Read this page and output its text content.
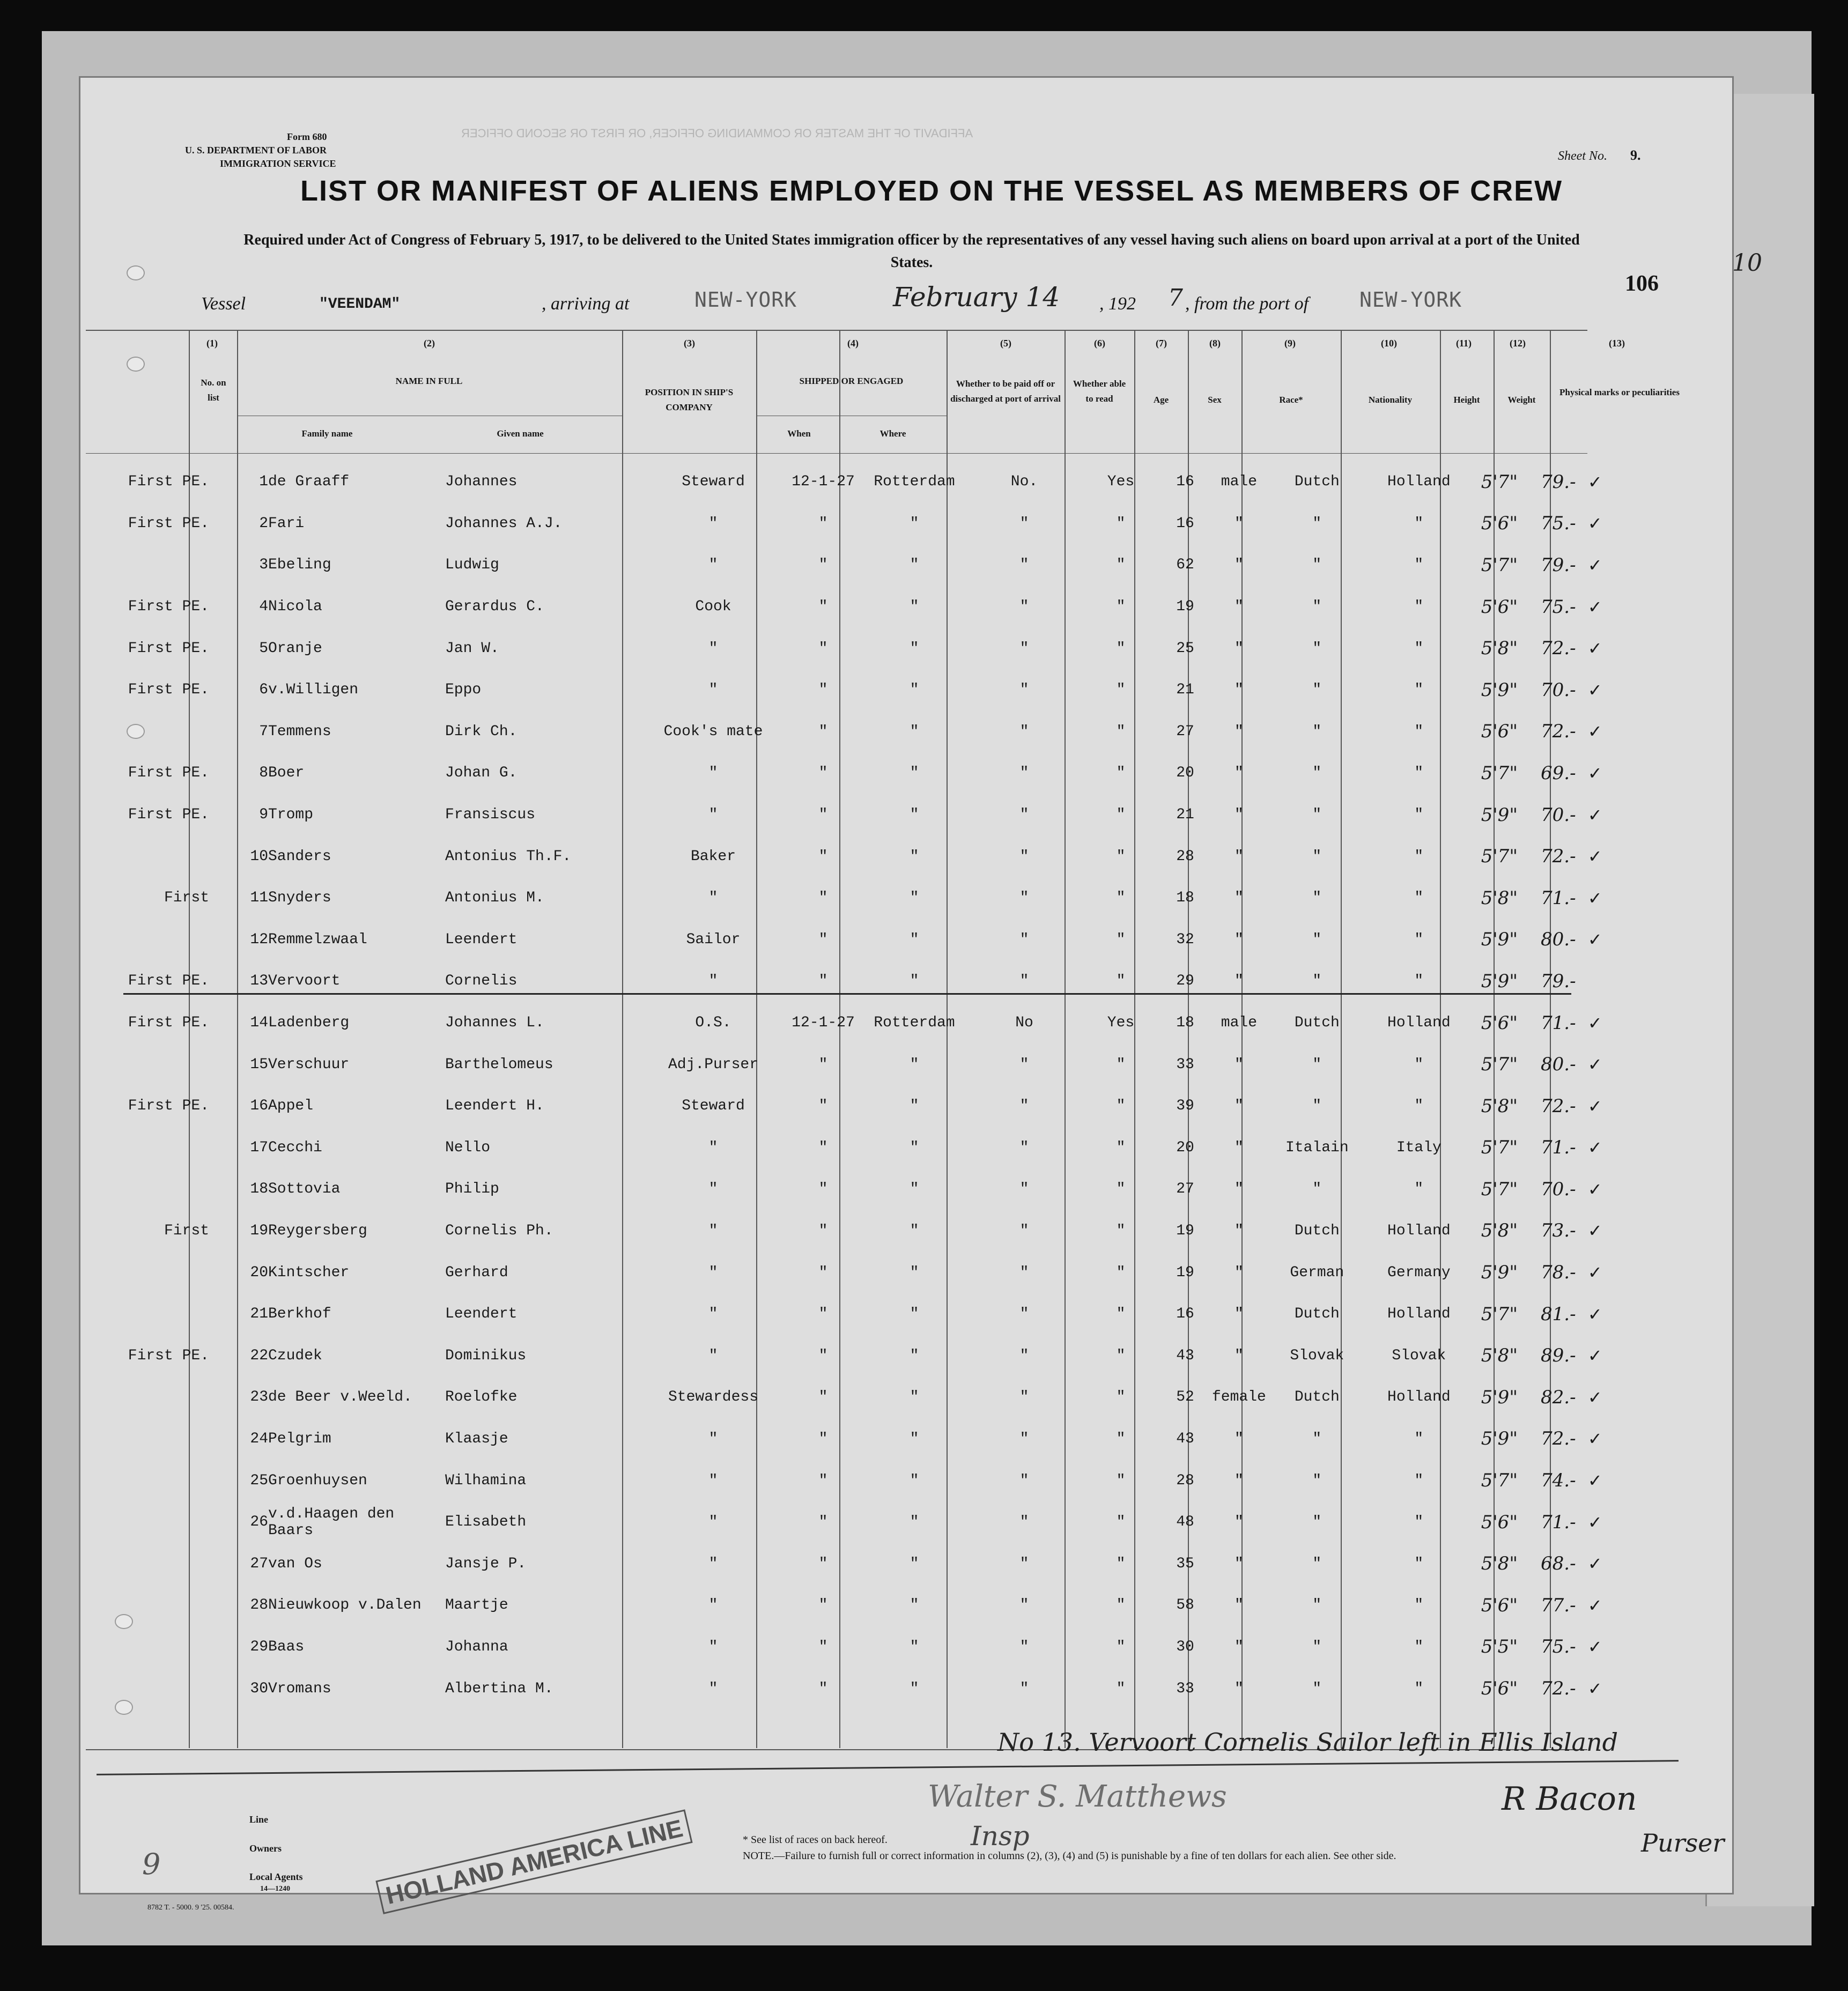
Form 680
U. S. DEPARTMENT OF LABOR
IMMIGRATION SERVICE
AFFIDAVIT OF THE MASTER OR COMMANDING OFFICER, OR FIRST OR SECOND OFFICER
Sheet No. 9.
LIST OR MANIFEST OF ALIENS EMPLOYED ON THE VESSEL AS MEMBERS OF CREW
Required under Act of Congress of February 5, 1917, to be delivered to the United States immigration officer by the representatives of any vessel having such aliens on board upon arrival at a port of the United States.
106
10
Vessel	"VEENDAM"	, arriving at	NEW-YORK	February 14 , 192 7 , from the port of NEW-YORK
(1)	(2)	(3)	(4)	(5)	(6)	(7)	(8)	(9)	(10)	(11)	(12)	(13)
No. on list
NAME IN FULL
Family name	Given name
POSITION IN SHIP'S COMPANY
SHIPPED OR ENGAGED
When	Where
Whether to be paid off or discharged at port of arrival
Whether able to read	Age	Sex	Race*	Nationality	Height	Weight
Physical marks or peculiarities
First PE.	1	de Graaff	Johannes	Steward	12-1-27	Rotterdam	No.	Yes	16	male	Dutch	Holland	5'7"	79.-	✓
First PE.	2	Fari	Johannes A.J.	"	"	"	"	"	16	"	"	"	5'6"	75.-	✓
	3	Ebeling	Ludwig	"	"	"	"	"	62	"	"	"	5'7"	79.-	✓
First PE.	4	Nicola	Gerardus C.	Cook	"	"	"	"	19	"	"	"	5'6"	75.-	✓
First PE.	5	Oranje	Jan W.	"	"	"	"	"	25	"	"	"	5'8"	72.-	✓
First PE.	6	v.Willigen	Eppo	"	"	"	"	"	21	"	"	"	5'9"	70.-	✓
	7	Temmens	Dirk Ch.	Cook's mate	"	"	"	"	27	"	"	"	5'6"	72.-	✓
First PE.	8	Boer	Johan G.	"	"	"	"	"	20	"	"	"	5'7"	69.-	✓
First PE.	9	Tromp	Fransiscus	"	"	"	"	"	21	"	"	"	5'9"	70.-	✓
	10	Sanders	Antonius Th.F.	Baker	"	"	"	"	28	"	"	"	5'7"	72.-	✓
First	11	Snyders	Antonius M.	"	"	"	"	"	18	"	"	"	5'8"	71.-	✓
	12	Remmelzwaal	Leendert	Sailor	"	"	"	"	32	"	"	"	5'9"	80.-	✓
First PE.	13	Vervoort	Cornelis	"	"	"	"	"	29	"	"	"	5'9"	79.-	
First PE.	14	Ladenberg	Johannes L.	O.S.	12-1-27	Rotterdam	No	Yes	18	male	Dutch	Holland	5'6"	71.-	✓
	15	Verschuur	Barthelomeus	Adj.Purser	"	"	"	"	33	"	"	"	5'7"	80.-	✓
First PE.	16	Appel	Leendert H.	Steward	"	"	"	"	39	"	"	"	5'8"	72.-	✓
	17	Cecchi	Nello	"	"	"	"	"	20	"	Italain	Italy	5'7"	71.-	✓
	18	Sottovia	Philip	"	"	"	"	"	27	"	"	"	5'7"	70.-	✓
First	19	Reygersberg	Cornelis Ph.	"	"	"	"	"	19	"	Dutch	Holland	5'8"	73.-	✓
	20	Kintscher	Gerhard	"	"	"	"	"	19	"	German	Germany	5'9"	78.-	✓
	21	Berkhof	Leendert	"	"	"	"	"	16	"	Dutch	Holland	5'7"	81.-	✓
First PE.	22	Czudek	Dominikus	"	"	"	"	"	43	"	Slovak	Slovak	5'8"	89.-	✓
	23	de Beer v.Weeld.	Roelofke	Stewardess	"	"	"	"	52	female	Dutch	Holland	5'9"	82.-	✓
	24	Pelgrim	Klaasje	"	"	"	"	"	43	"	"	"	5'9"	72.-	✓
	25	Groenhuysen	Wilhamina	"	"	"	"	"	28	"	"	"	5'7"	74.-	✓
	26	v.d.Haagen den Baars	Elisabeth	"	"	"	"	"	48	"	"	"	5'6"	71.-	✓
	27	van Os	Jansje P.	"	"	"	"	"	35	"	"	"	5'8"	68.-	✓
	28	Nieuwkoop v.Dalen	Maartje	"	"	"	"	"	58	"	"	"	5'6"	77.-	✓
	29	Baas	Johanna	"	"	"	"	"	30	"	"	"	5'5"	75.-	✓
	30	Vromans	Albertina M.	"	"	"	"	"	33	"	"	"	5'6"	72.-	✓
No 13. Vervoort Cornelis Sailor left in Ellis Island
Line
Owners
Local Agents
14—1240
8782 T. - 5000. 9 '25. 00584.	HOLLAND AMERICA LINE
9
* See list of races on back hereof.
NOTE.—Failure to furnish full or correct information in columns (2), (3), (4) and (5) is punishable by a fine of ten dollars for each alien. See other side.
Walter S. Matthews
Insp
R Bacon
Purser
